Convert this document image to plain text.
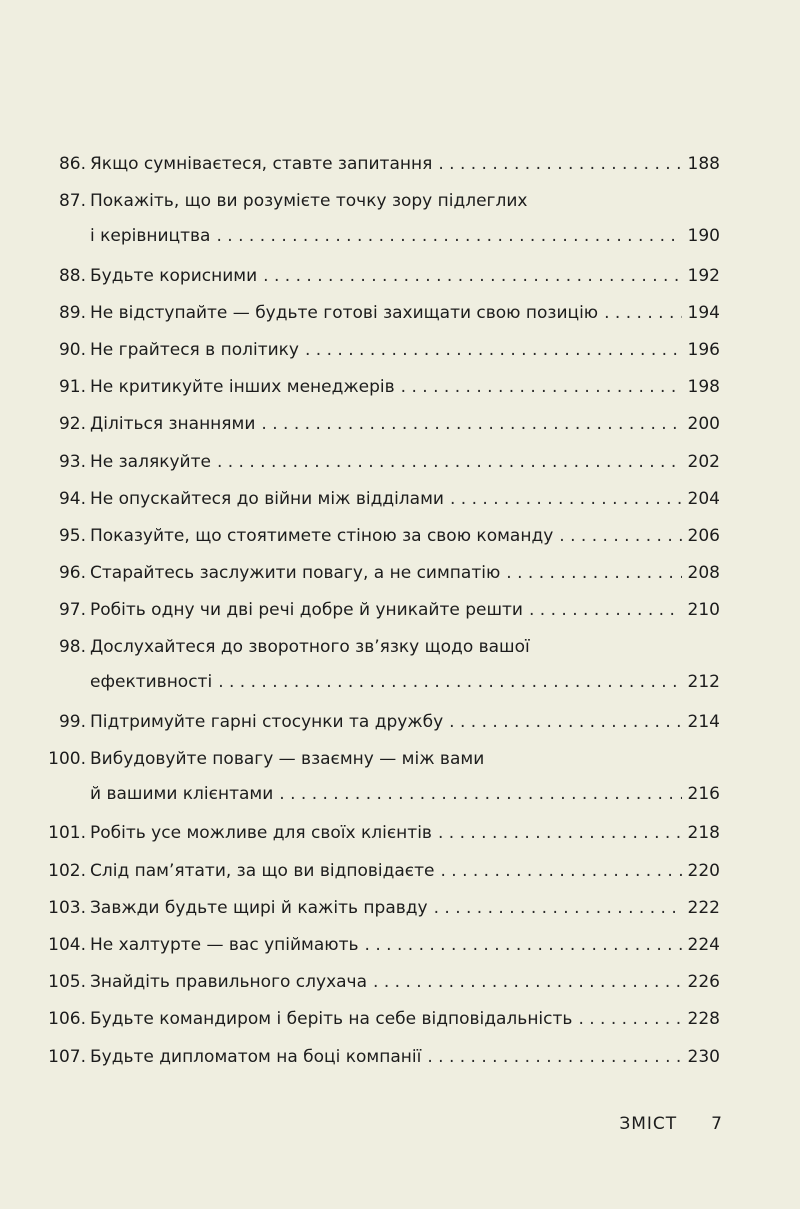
86. Якщо сумніваєтеся, ставте запитання . . .	188
87. Покажіть, що ви розумієте точку зору підлеглих
і керівництва . . .	190
88. Будьте корисними . . .	192
89. Не відступайте — будьте готові захищати свою позицію . . .	194
90. Не грайтеся в політику . . .	196
91. Не критикуйте інших менеджерів . . .	198
92. Діліться знаннями . . .	200
93. Не залякуйте . . .	202
94. Не опускайтеся до війни між відділами . . .	204
95. Показуйте, що стоятимете стіною за свою команду . . .	206
96. Старайтесь заслужити повагу, а не симпатію . . .	208
97. Робіть одну чи дві речі добре й уникайте решти . . .	210
98. Дослухайтеся до зворотного зв’язку щодо вашої
ефективності . . .	212
99. Підтримуйте гарні стосунки та дружбу . . .	214
100. Вибудовуйте повагу — взаємну — між вами
й вашими клієнтами . . .	216
101. Робіть усе можливе для своїх клієнтів . . .	218
102. Слід пам’ятати, за що ви відповідаєте . . .	220
103. Завжди будьте щирі й кажіть правду . . .	222
104. Не халтурте — вас упіймають . . .	224
105. Знайдіть правильного слухача . . .	226
106. Будьте командиром і беріть на себе відповідальність . . .	228
107. Будьте дипломатом на боці компанії . . .	230
ЗМІСТ 7
